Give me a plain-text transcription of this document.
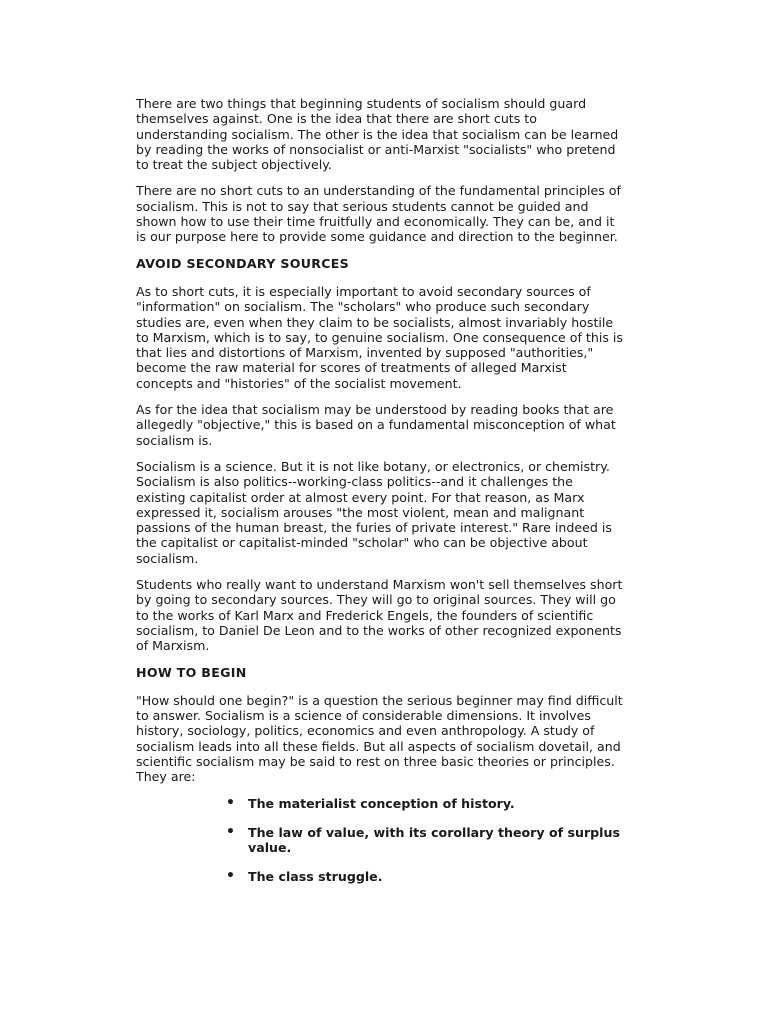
There are two things that beginning students of socialism should guard themselves against. One is the idea that there are short cuts to understanding socialism. The other is the idea that socialism can be learned by reading the works of nonsocialist or anti-Marxist "socialists" who pretend to treat the subject objectively.

There are no short cuts to an understanding of the fundamental principles of socialism. This is not to say that serious students cannot be guided and shown how to use their time fruitfully and economically. They can be, and it is our purpose here to provide some guidance and direction to the beginner.

AVOID SECONDARY SOURCES

As to short cuts, it is especially important to avoid secondary sources of "information" on socialism. The "scholars" who produce such secondary studies are, even when they claim to be socialists, almost invariably hostile to Marxism, which is to say, to genuine socialism. One consequence of this is that lies and distortions of Marxism, invented by supposed "authorities," become the raw material for scores of treatments of alleged Marxist concepts and "histories" of the socialist movement.

As for the idea that socialism may be understood by reading books that are allegedly "objective," this is based on a fundamental misconception of what socialism is.

Socialism is a science. But it is not like botany, or electronics, or chemistry. Socialism is also politics--working-class politics--and it challenges the existing capitalist order at almost every point. For that reason, as Marx expressed it, socialism arouses "the most violent, mean and malignant passions of the human breast, the furies of private interest." Rare indeed is the capitalist or capitalist-minded "scholar" who can be objective about socialism.

Students who really want to understand Marxism won't sell themselves short by going to secondary sources. They will go to original sources. They will go to the works of Karl Marx and Frederick Engels, the founders of scientific socialism, to Daniel De Leon and to the works of other recognized exponents of Marxism.

HOW TO BEGIN

"How should one begin?" is a question the serious beginner may find difficult to answer. Socialism is a science of considerable dimensions. It involves history, sociology, politics, economics and even anthropology. A study of socialism leads into all these fields. But all aspects of socialism dovetail, and scientific socialism may be said to rest on three basic theories or principles. They are:

• The materialist conception of history.
• The law of value, with its corollary theory of surplus value.
• The class struggle.
